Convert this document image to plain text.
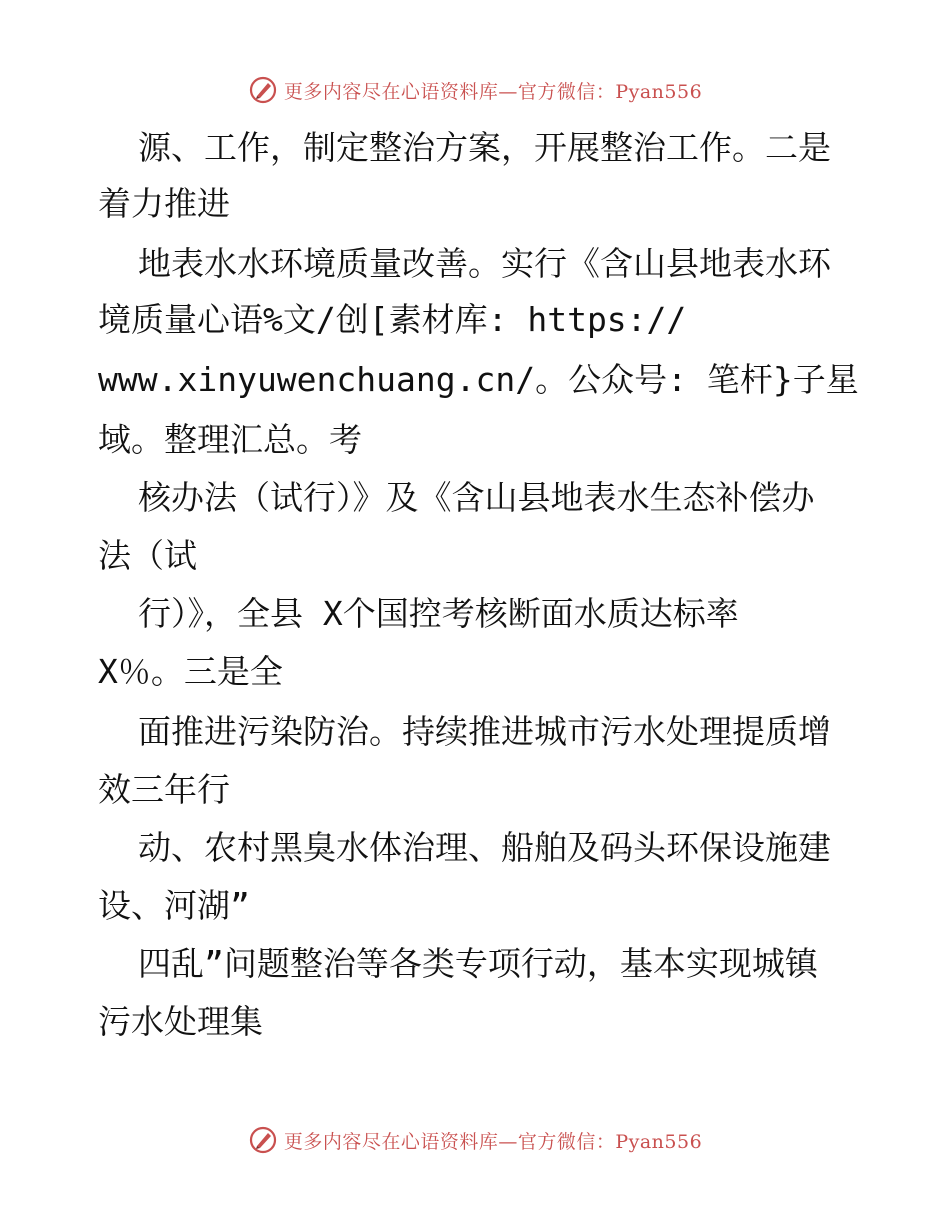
更多内容尽在心语资料库—官方微信：Pyan556
源、工作，制定整治方案，开展整治工作。二是
着力推进
地表水水环境质量改善。实行《含山县地表水环
境质量心语%文/创[素材库: https://
www.xinyuwenchuang.cn/。公众号: 笔杆}子星
域。整理汇总。考
核办法（试行）》及《含山县地表水生态补偿办
法（试
行）》，全县 X个国控考核断面水质达标率
X％。三是全
面推进污染防治。持续推进城市污水处理提质增
效三年行
动、农村黑臭水体治理、船舶及码头环保设施建
设、河湖”
四乱”问题整治等各类专项行动，基本实现城镇
污水处理集
更多内容尽在心语资料库—官方微信：Pyan556
